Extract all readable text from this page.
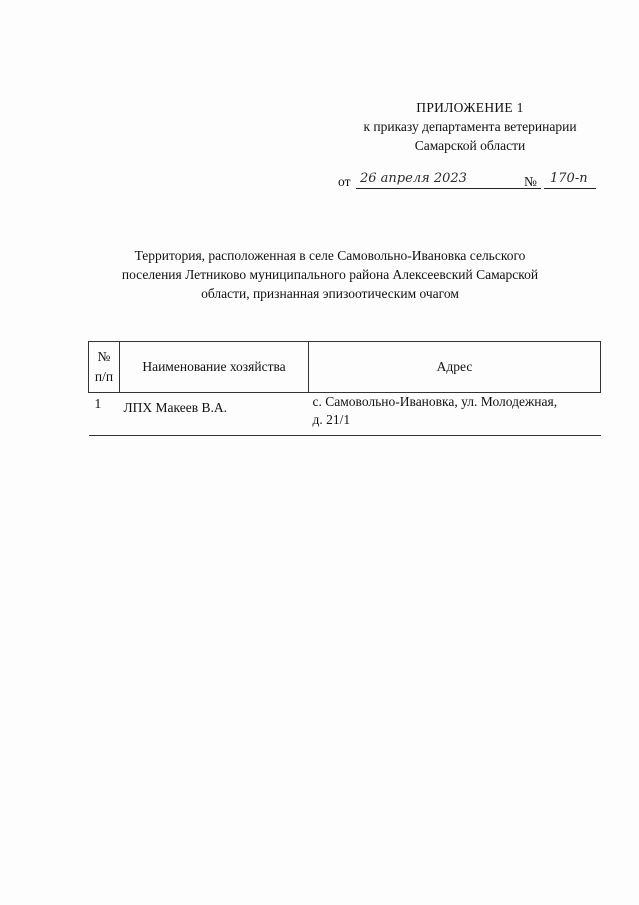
ПРИЛОЖЕНИЕ 1
к приказу департамента ветеринарии
Самарской области
от 26 апреля 2023	№	170-п
Территория, расположенная в селе Самовольно-Ивановка сельского
поселения Летниково муниципального района Алексеевский Самарской
области, признанная эпизоотическим очагом
№
п/п	Наименование хозяйства	Адрес
1	ЛПХ Макеев В.А.	с. Самовольно-Ивановка, ул. Молодежная,
д. 21/1
